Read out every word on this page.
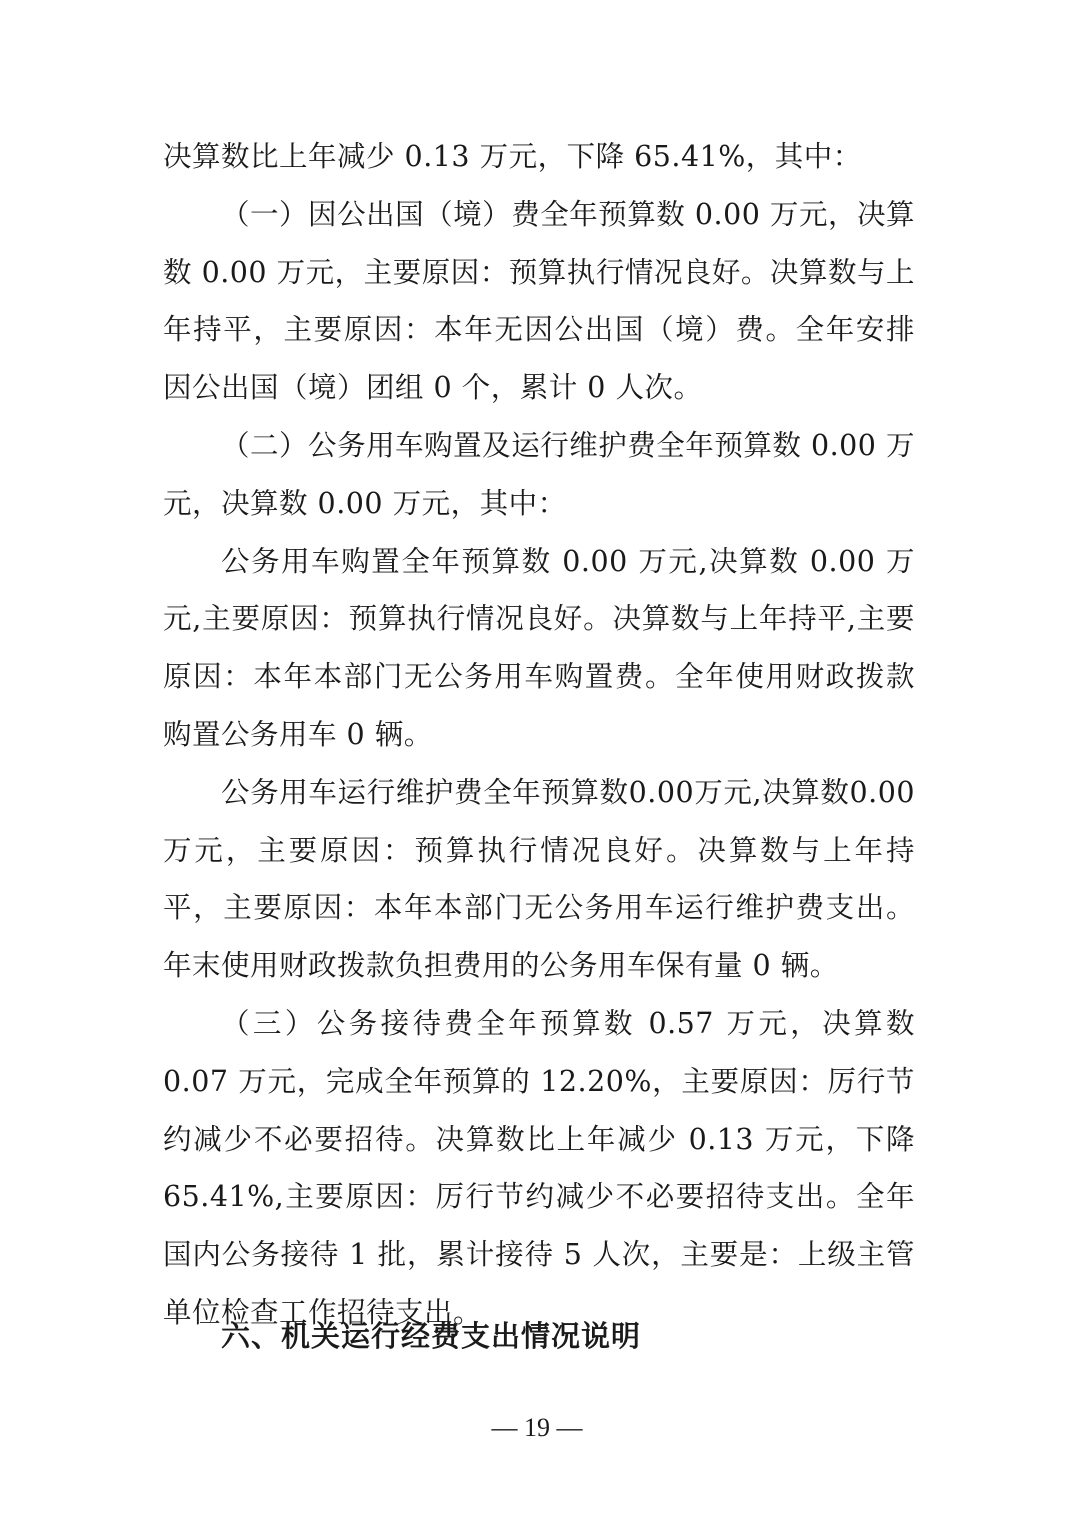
决算数比上年减少 0.13 万元，下降 65.41%，其中：

（一）因公出国（境）费全年预算数 0.00 万元，决算数 0.00 万元，主要原因：预算执行情况良好。决算数与上年持平，主要原因：本年无因公出国（境）费。全年安排因公出国（境）团组 0 个，累计 0 人次。

（二）公务用车购置及运行维护费全年预算数 0.00 万元，决算数 0.00 万元，其中：

公务用车购置全年预算数 0.00 万元,决算数 0.00 万元,主要原因：预算执行情况良好。决算数与上年持平,主要原因：本年本部门无公务用车购置费。全年使用财政拨款购置公务用车 0 辆。

公务用车运行维护费全年预算数0.00万元,决算数0.00万元，主要原因：预算执行情况良好。决算数与上年持平，主要原因：本年本部门无公务用车运行维护费支出。年末使用财政拨款负担费用的公务用车保有量 0 辆。

（三）公务接待费全年预算数 0.57 万元，决算数 0.07 万元，完成全年预算的 12.20%，主要原因：厉行节约减少不必要招待。决算数比上年减少 0.13 万元，下降 65.41%,主要原因：厉行节约减少不必要招待支出。全年国内公务接待 1 批，累计接待 5 人次，主要是：上级主管单位检查工作招待支出。

六、机关运行经费支出情况说明
— 19 —
